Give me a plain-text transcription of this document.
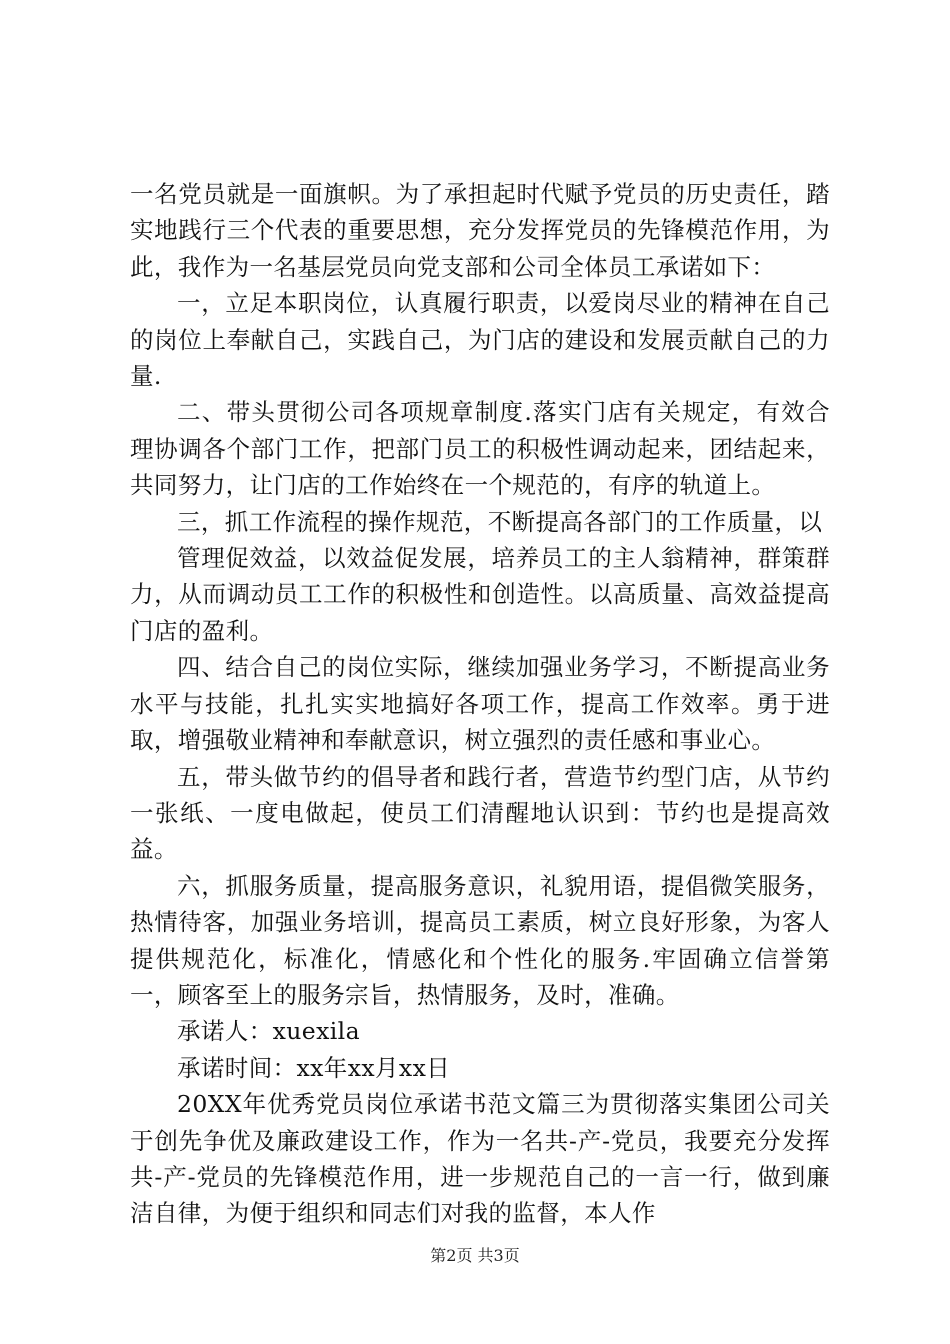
一名党员就是一面旗帜。为了承担起时代赋予党员的历史责任，踏实地践行三个代表的重要思想，充分发挥党员的先锋模范作用，为此，我作为一名基层党员向党支部和公司全体员工承诺如下：

一，立足本职岗位，认真履行职责，以爱岗尽业的精神在自己的岗位上奉献自己，实践自己，为门店的建设和发展贡献自己的力量.

二、带头贯彻公司各项规章制度.落实门店有关规定，有效合理协调各个部门工作，把部门员工的积极性调动起来，团结起来，共同努力，让门店的工作始终在一个规范的，有序的轨道上。

三，抓工作流程的操作规范，不断提高各部门的工作质量，以

管理促效益，以效益促发展，培养员工的主人翁精神，群策群力，从而调动员工工作的积极性和创造性。以高质量、高效益提高门店的盈利。

四、结合自己的岗位实际，继续加强业务学习，不断提高业务水平与技能，扎扎实实地搞好各项工作，提高工作效率。勇于进取，增强敬业精神和奉献意识，树立强烈的责任感和事业心。

五，带头做节约的倡导者和践行者，营造节约型门店，从节约一张纸、一度电做起，使员工们清醒地认识到：节约也是提高效益。

六，抓服务质量，提高服务意识，礼貌用语，提倡微笑服务，热情待客，加强业务培训，提高员工素质，树立良好形象，为客人提供规范化，标准化，情感化和个性化的服务.牢固确立信誉第一，顾客至上的服务宗旨，热情服务，及时，准确。

承诺人：xuexila

承诺时间：xx年xx月xx日

20XX年优秀党员岗位承诺书范文篇三为贯彻落实集团公司关于创先争优及廉政建设工作，作为一名共-产-党员，我要充分发挥共-产-党员的先锋模范作用，进一步规范自己的一言一行，做到廉洁自律，为便于组织和同志们对我的监督，本人作

第2页 共3页
